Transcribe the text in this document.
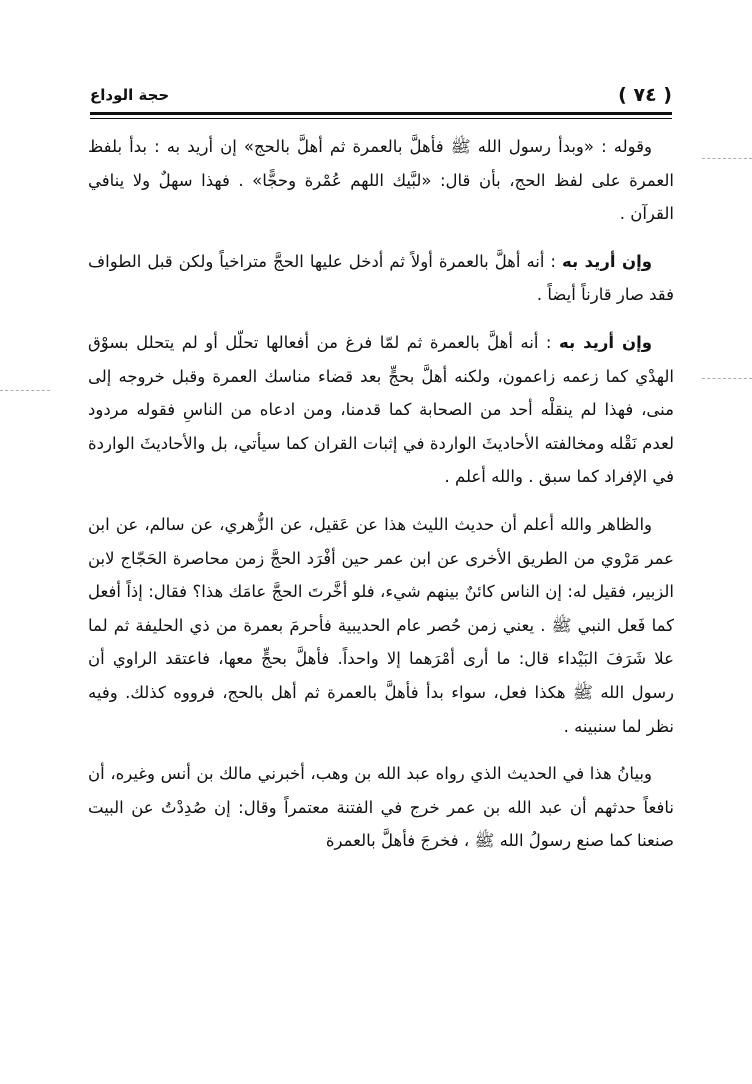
( ٧٤ )
حجة الوداع

وقوله : «وبدأ رسول الله ﷺ فأهلَّ بالعمرة ثم أهلَّ بالحج» إن أريد به : بدأ بلفظ العمرة على لفظ الحج، بأن قال: «لبَّيك اللهم عُمْرة وحجًّا» . فهذا سهلٌ ولا ينافي القرآن .

وإن أريد به : أنه أهلَّ بالعمرة أولاً ثم أدخل عليها الحجَّ متراخياً ولكن قبل الطواف فقد صار قارناً أيضاً .

وإن أريد به : أنه أهلَّ بالعمرة ثم لمّا فرغ من أفعالها تحلّل أو لم يتحلل بسوْق الهدْي كما زعمه زاعمون، ولكنه أهلَّ بحجٍّ بعد قضاء مناسك العمرة وقبل خروجه إلى منى، فهذا لم ينقلْه أحد من الصحابة كما قدمنا، ومن ادعاه من الناسِ فقوله مردود لعدم نَقْله ومخالفته الأحاديثَ الواردة في إثبات القران كما سيأتي، بل والأحاديثَ الواردة في الإفراد كما سبق . والله أعلم .

والظاهر والله أعلم أن حديث الليث هذا عن عَقيل، عن الزُّهري، عن سالم، عن ابن عمر مَرْوي من الطريق الأخرى عن ابن عمر حين أفْرَد الحجَّ زمن محاصرة الحَجّاج لابن الزبير، فقيل له: إن الناس كائنٌ بينهم شيء، فلو أخَّرتَ الحجَّ عامَك هذا؟ فقال: إذاً أفعل كما فَعل النبي ﷺ . يعني زمن حُصر عام الحديبية فأحرمَ بعمرة من ذي الحليفة ثم لما علا شَرَفَ البَيْداء قال: ما أرى أمْرَهما إلا واحداً. فأهلَّ بحجٍّ معها، فاعتقد الراوي أن رسول الله ﷺ هكذا فعل، سواء بدأ فأهلَّ بالعمرة ثم أهل بالحج، فرووه كذلك. وفيه نظر لما سنبينه .

وبيانُ هذا في الحديث الذي رواه عبد الله بن وهب، أخبرني مالك بن أنس وغيره، أن نافعاً حدثهم أن عبد الله بن عمر خرج في الفتنة معتمراً وقال: إن صُدِدْتُ عن البيت صنعنا كما صنع رسولُ الله ﷺ ، فخرجَ فأهلَّ بالعمرة
